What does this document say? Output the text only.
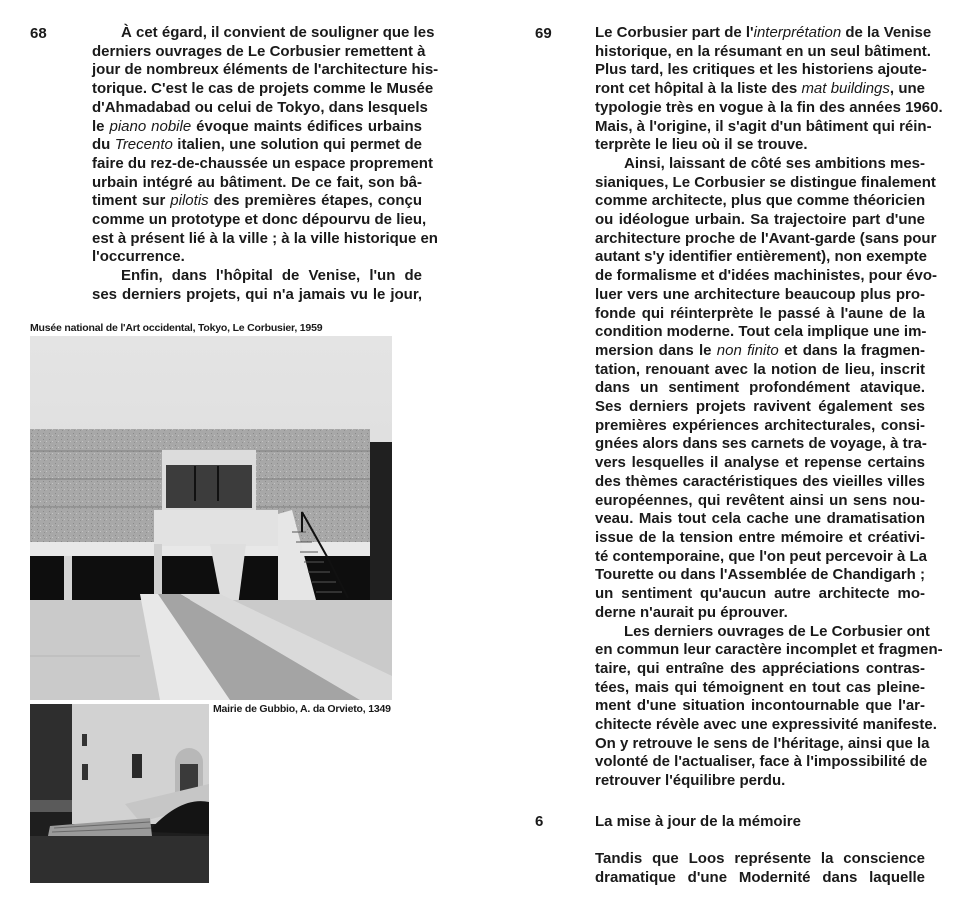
68	À cet égard, il convient de souligner que les
derniers ouvrages de Le Corbusier remettent à
jour de nombreux éléments de l'architecture his-
torique. C'est le cas de projets comme le Musée
d'Ahmadabad ou celui de Tokyo, dans lesquels
le piano nobile évoque maints édifices urbains
du Trecento italien, une solution qui permet de
faire du rez-de-chaussée un espace proprement
urbain intégré au bâtiment. De ce fait, son bâ-
timent sur pilotis des premières étapes, conçu
comme un prototype et donc dépourvu de lieu,
est à présent lié à la ville ; à la ville historique en
l'occurrence.

Enfin, dans l'hôpital de Venise, l'un de
ses derniers projets, qui n'a jamais vu le jour,

Musée national de l'Art occidental, Tokyo, Le Corbusier, 1959
Mairie de Gubbio, A. da Orvieto, 1349
69	Le Corbusier part de l'interprétation de la Venise
historique, en la résumant en un seul bâtiment.
Plus tard, les critiques et les historiens ajoute-
ront cet hôpital à la liste des mat buildings, une
typologie très en vogue à la fin des années 1960.
Mais, à l'origine, il s'agit d'un bâtiment qui réin-
terprète le lieu où il se trouve.

Ainsi, laissant de côté ses ambitions mes-
sianiques, Le Corbusier se distingue finalement
comme architecte, plus que comme théoricien
ou idéologue urbain. Sa trajectoire part d'une
architecture proche de l'Avant-garde (sans pour
autant s'y identifier entièrement), non exempte
de formalisme et d'idées machinistes, pour évo-
luer vers une architecture beaucoup plus pro-
fonde qui réinterprète le passé à l'aune de la
condition moderne. Tout cela implique une im-
mersion dans le non finito et dans la fragmen-
tation, renouant avec la notion de lieu, inscrit
dans un sentiment profondément atavique.
Ses derniers projets ravivent également ses
premières expériences architecturales, consi-
gnées alors dans ses carnets de voyage, à tra-
vers lesquelles il analyse et repense certains
des thèmes caractéristiques des vieilles villes
européennes, qui revêtent ainsi un sens nou-
veau. Mais tout cela cache une dramatisation
issue de la tension entre mémoire et créativi-
té contemporaine, que l'on peut percevoir à La
Tourette ou dans l'Assemblée de Chandigarh ;
un sentiment qu'aucun autre architecte mo-
derne n'aurait pu éprouver.

Les derniers ouvrages de Le Corbusier ont
en commun leur caractère incomplet et fragmen-
taire, qui entraîne des appréciations contras-
tées, mais qui témoignent en tout cas pleine-
ment d'une situation incontournable que l'ar-
chitecte révèle avec une expressivité manifeste.
On y retrouve le sens de l'héritage, ainsi que la
volonté de l'actualiser, face à l'impossibilité de
retrouver l'équilibre perdu.

6	La mise à jour de la mémoire

Tandis que Loos représente la conscience
dramatique d'une Modernité dans laquelle
